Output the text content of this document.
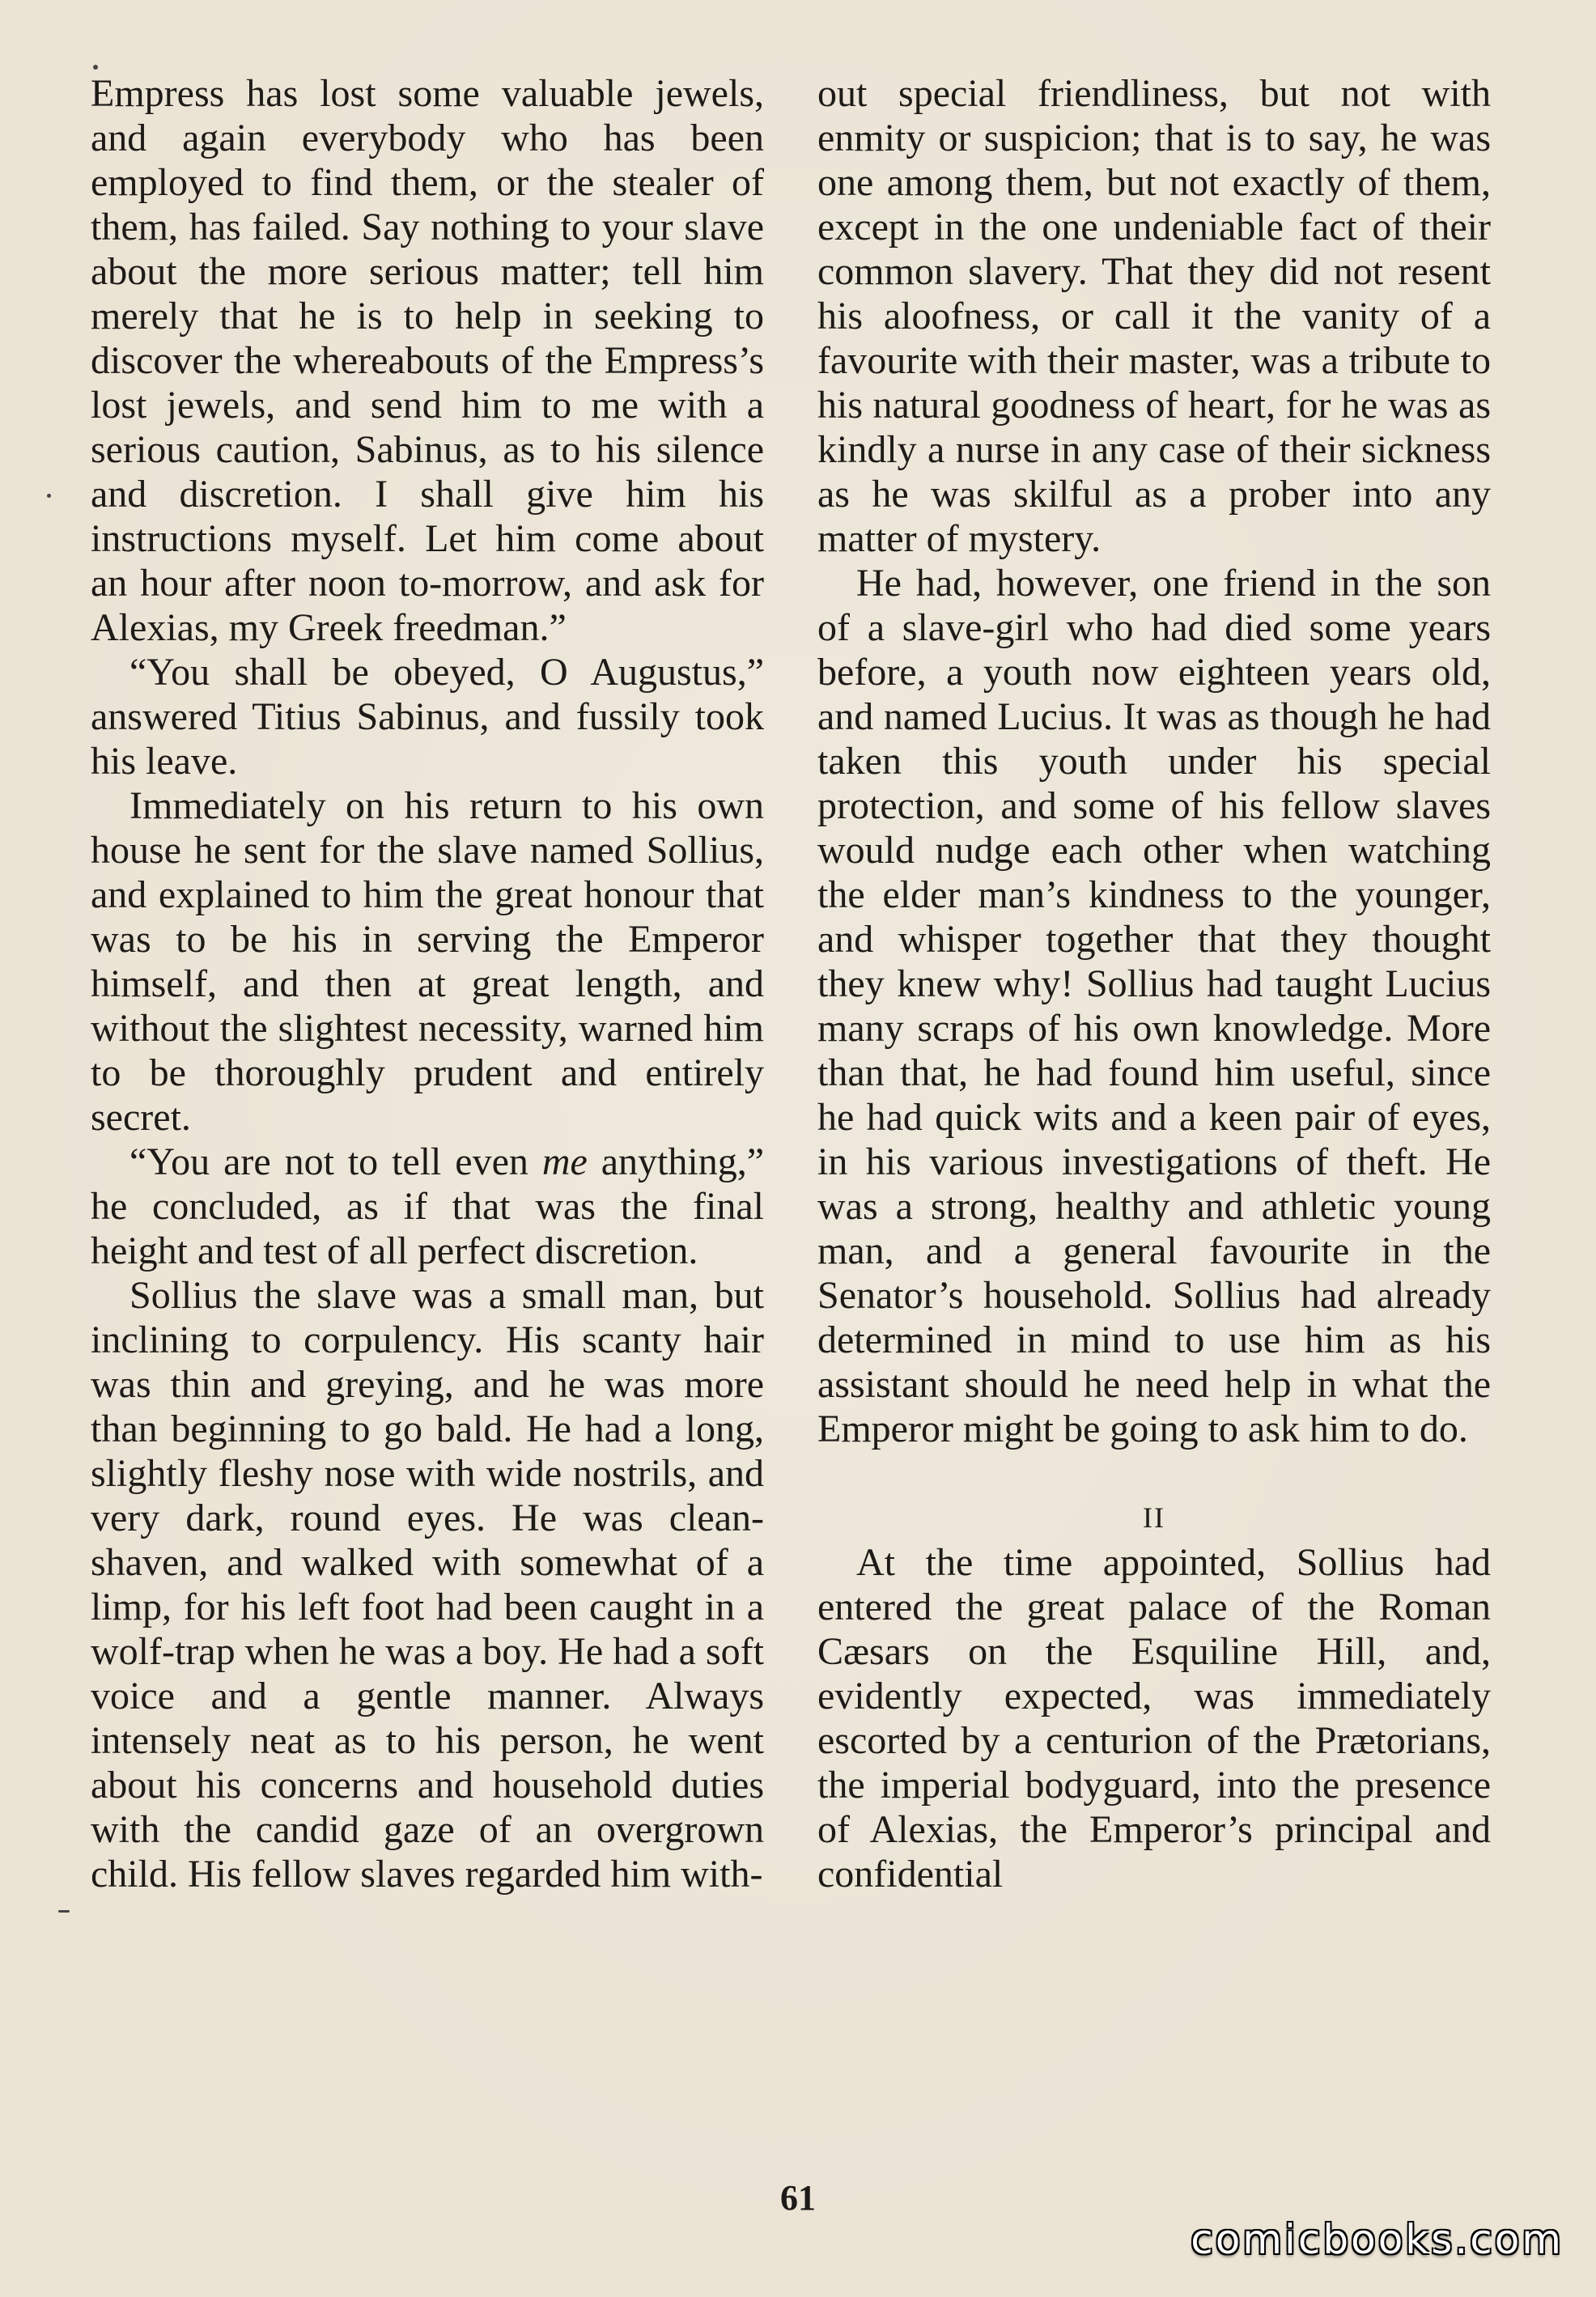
Empress has lost some valuable jewels, and again everybody who has been employed to find them, or the stealer of them, has failed. Say nothing to your slave about the more serious matter; tell him merely that he is to help in seeking to discover the whereabouts of the Empress’s lost jewels, and send him to me with a serious caution, Sabinus, as to his silence and discretion. I shall give him his instructions myself. Let him come about an hour after noon to-morrow, and ask for Alexias, my Greek freedman.”

“You shall be obeyed, O Augustus,” answered Titius Sabinus, and fussily took his leave.

Immediately on his return to his own house he sent for the slave named Sollius, and explained to him the great honour that was to be his in serving the Emperor himself, and then at great length, and without the slightest necessity, warned him to be thoroughly prudent and entirely secret.

“You are not to tell even me anything,” he concluded, as if that was the final height and test of all perfect discretion.

Sollius the slave was a small man, but inclining to corpulency. His scanty hair was thin and greying, and he was more than beginning to go bald. He had a long, slightly fleshy nose with wide nostrils, and very dark, round eyes. He was clean-shaven, and walked with somewhat of a limp, for his left foot had been caught in a wolf-trap when he was a boy. He had a soft voice and a gentle manner. Always intensely neat as to his person, he went about his concerns and household duties with the candid gaze of an overgrown child. His fellow slaves regarded him with-

out special friendliness, but not with enmity or suspicion; that is to say, he was one among them, but not exactly of them, except in the one undeniable fact of their common slavery. That they did not resent his aloofness, or call it the vanity of a favourite with their master, was a tribute to his natural goodness of heart, for he was as kindly a nurse in any case of their sickness as he was skilful as a prober into any matter of mystery.

He had, however, one friend in the son of a slave-girl who had died some years before, a youth now eighteen years old, and named Lucius. It was as though he had taken this youth under his special protection, and some of his fellow slaves would nudge each other when watching the elder man’s kindness to the younger, and whisper together that they thought they knew why! Sollius had taught Lucius many scraps of his own knowledge. More than that, he had found him useful, since he had quick wits and a keen pair of eyes, in his various investigations of theft. He was a strong, healthy and athletic young man, and a general favourite in the Senator’s household. Sollius had already determined in mind to use him as his assistant should he need help in what the Emperor might be going to ask him to do.

II

At the time appointed, Sollius had entered the great palace of the Roman Cæsars on the Esquiline Hill, and, evidently expected, was immediately escorted by a centurion of the Prætorians, the imperial bodyguard, into the presence of Alexias, the Emperor’s principal and confidential

61
comicbooks.com
